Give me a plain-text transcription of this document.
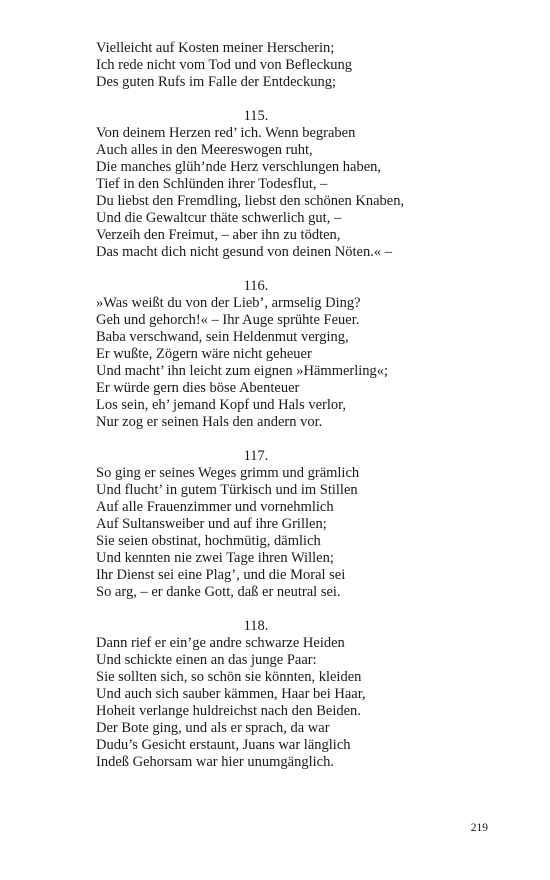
Vielleicht auf Kosten meiner Herscherin;
Ich rede nicht vom Tod und von Befleckung
Des guten Rufs im Falle der Entdeckung;
115.
Von deinem Herzen red’ ich. Wenn begraben
Auch alles in den Meereswogen ruht,
Die manches glüh’nde Herz verschlungen haben,
Tief in den Schlünden ihrer Todesflut, –
Du liebst den Fremdling, liebst den schönen Knaben,
Und die Gewaltcur thäte schwerlich gut, –
Verzeih den Freimut, – aber ihn zu tödten,
Das macht dich nicht gesund von deinen Nöten.« –
116.
»Was weißt du von der Lieb’, armselig Ding?
Geh und gehorch!« – Ihr Auge sprühte Feuer.
Baba verschwand, sein Heldenmut verging,
Er wußte, Zögern wäre nicht geheuer
Und macht’ ihn leicht zum eignen »Hämmerling«;
Er würde gern dies böse Abenteuer
Los sein, eh’ jemand Kopf und Hals verlor,
Nur zog er seinen Hals den andern vor.
117.
So ging er seines Weges grimm und grämlich
Und flucht’ in gutem Türkisch und im Stillen
Auf alle Frauenzimmer und vornehmlich
Auf Sultansweiber und auf ihre Grillen;
Sie seien obstinat, hochmütig, dämlich
Und kennten nie zwei Tage ihren Willen;
Ihr Dienst sei eine Plag’, und die Moral sei
So arg, – er danke Gott, daß er neutral sei.
118.
Dann rief er ein’ge andre schwarze Heiden
Und schickte einen an das junge Paar:
Sie sollten sich, so schön sie könnten, kleiden
Und auch sich sauber kämmen, Haar bei Haar,
Hoheit verlange huldreichst nach den Beiden.
Der Bote ging, und als er sprach, da war
Dudu’s Gesicht erstaunt, Juans war länglich
Indeß Gehorsam war hier unumgänglich.
219
